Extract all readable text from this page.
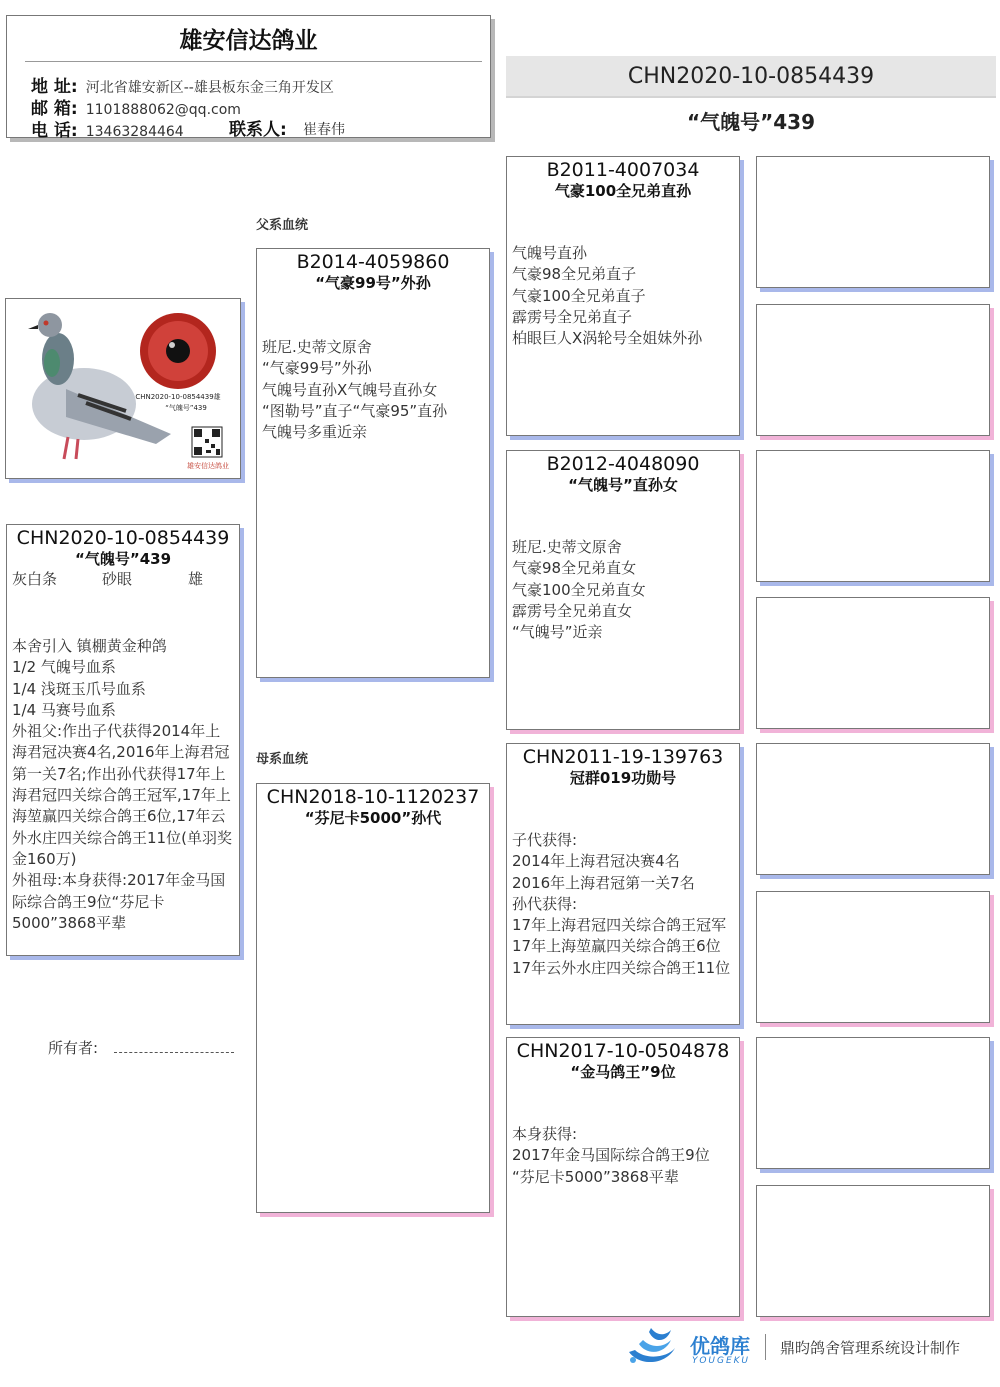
雄安信达鸽业
地 址: 河北省雄安新区--雄县板东金三角开发区
邮 箱: 1101888062@qq.com
电 话: 13463284464	联系人: 崔春伟
CHN2020-10-0854439
“气魄号”439
父系血统
母系血统
CHN2020-10-0854439雄
“气魄号”439
雄安信达鸽业
CHN2020-10-0854439
“气魄号”439
灰白条	砂眼	雄
本舍引入 镇棚黄金种鸽
1/2 气魄号血系
1/4 浅斑玉爪号血系
1/4 马赛号血系
外祖父:作出子代获得2014年上海君冠决赛4名,2016年上海君冠第一关7名;作出孙代获得17年上海君冠四关综合鸽王冠军,17年上海堃赢四关综合鸽王6位,17年云外水庄四关综合鸽王11位(单羽奖金160万)
外祖母:本身获得:2017年金马国际综合鸽王9位“芬尼卡5000”3868平辈
所有者:
B2014-4059860
“气豪99号”外孙
班尼.史蒂文原舍
“气豪99号”外孙
气魄号直孙X气魄号直孙女
“图勒号”直子“气豪95”直孙
气魄号多重近亲
CHN2018-10-1120237
“芬尼卡5000”孙代
B2011-4007034
气豪100全兄弟直孙
气魄号直孙
气豪98全兄弟直子
气豪100全兄弟直子
霹雳号全兄弟直子
柏眼巨人X涡轮号全姐妹外孙
B2012-4048090
“气魄号”直孙女
班尼.史蒂文原舍
气豪98全兄弟直女
气豪100全兄弟直女
霹雳号全兄弟直女
“气魄号”近亲
CHN2011-19-139763
冠群019功勋号
子代获得:
2014年上海君冠决赛4名
2016年上海君冠第一关7名
孙代获得:
17年上海君冠四关综合鸽王冠军
17年上海堃赢四关综合鸽王6位
17年云外水庄四关综合鸽王11位
CHN2017-10-0504878
“金马鸽王”9位
本身获得:
2017年金马国际综合鸽王9位
“芬尼卡5000”3868平辈
优鸽库
YOUGEKU
鼎昀鸽舍管理系统设计制作
